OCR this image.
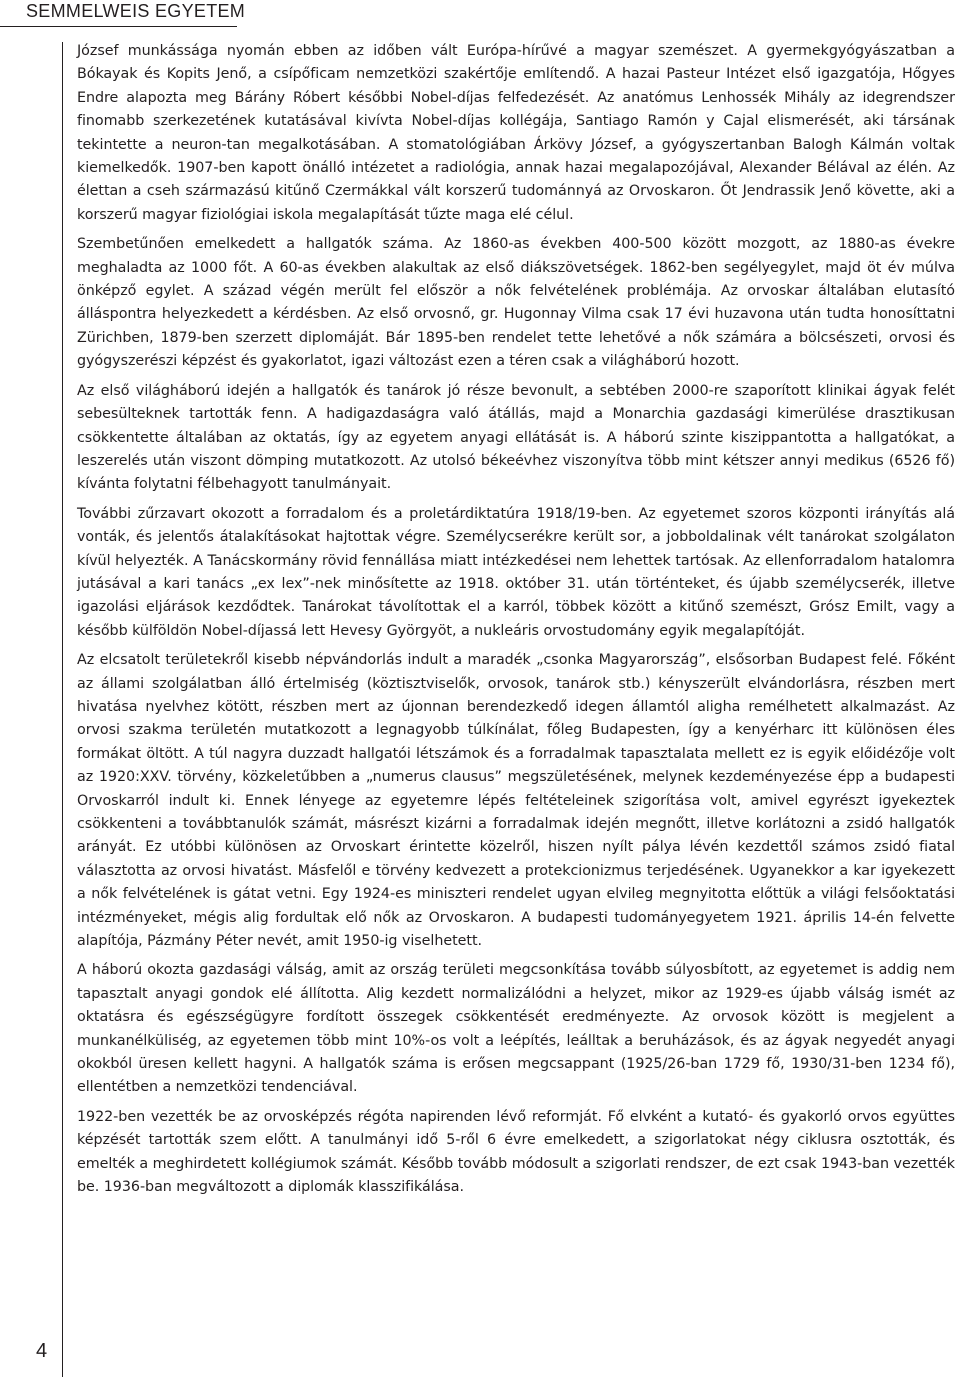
SEMMELWEIS EGYETEM
4

József munkássága nyomán ebben az időben vált Európa-hírűvé a magyar szemészet. A gyermekgyógyászatban a Bókayak és Kopits Jenő, a csípőficam nemzetközi szakértője említendő. A hazai Pasteur Intézet első igazgatója, Hőgyes Endre alapozta meg Bárány Róbert későbbi Nobel-díjas felfedezését. Az anatómus Lenhossék Mihály az idegrendszer finomabb szerkezetének kutatásával kivívta Nobel-díjas kollégája, Santiago Ramón y Cajal elismerését, aki társának tekintette a neuron-tan megalkotásában. A stomatológiában Árkövy József, a gyógyszertanban Balogh Kálmán voltak kiemelkedők. 1907-ben kapott önálló intézetet a radiológia, annak hazai megalapozójával, Alexander Bélával az élén. Az élettan a cseh származású kitűnő Czermákkal vált korszerű tudománnyá az Orvoskaron. Őt Jendrassik Jenő követte, aki a korszerű magyar fiziológiai iskola megalapítását tűzte maga elé célul.

Szembetűnően emelkedett a hallgatók száma. Az 1860-as években 400-500 között mozgott, az 1880-as évekre meghaladta az 1000 főt. A 60-as években alakultak az első diákszövetségek. 1862-ben segélyegylet, majd öt év múlva önképző egylet. A század végén merült fel először a nők felvételének problémája. Az orvoskar általában elutasító álláspontra helyezkedett a kérdésben. Az első orvosnő, gr. Hugonnay Vilma csak 17 évi huzavona után tudta honosíttatni Zürichben, 1879-ben szerzett diplomáját. Bár 1895-ben rendelet tette lehetővé a nők számára a bölcsészeti, orvosi és gyógyszerészi képzést és gyakorlatot, igazi változást ezen a téren csak a világháború hozott.

Az első világháború idején a hallgatók és tanárok jó része bevonult, a sebtében 2000-re szaporított klinikai ágyak felét sebesülteknek tartották fenn. A hadigazdaságra való átállás, majd a Monarchia gazdasági kimerülése drasztikusan csökkentette általában az oktatás, így az egyetem anyagi ellátását is. A háború szinte kiszippantotta a hallgatókat, a leszerelés után viszont dömping mutatkozott. Az utolsó békeévhez viszonyítva több mint kétszer annyi medikus (6526 fő) kívánta folytatni félbehagyott tanulmányait.

További zűrzavart okozott a forradalom és a proletárdiktatúra 1918/19-ben. Az egyetemet szoros központi irányítás alá vonták, és jelentős átalakításokat hajtottak végre. Személycserékre került sor, a jobboldalinak vélt tanárokat szolgálaton kívül helyezték. A Tanácskormány rövid fennállása miatt intézkedései nem lehettek tartósak. Az ellenforradalom hatalomra jutásával a kari tanács „ex lex”-nek minősítette az 1918. október 31. után történteket, és újabb személycserék, illetve igazolási eljárások kezdődtek. Tanárokat távolítottak el a karról, többek között a kitűnő szemészt, Grósz Emilt, vagy a később külföldön Nobel-díjassá lett Hevesy Györgyöt, a nukleáris orvostudomány egyik megalapítóját.

Az elcsatolt területekről kisebb népvándorlás indult a maradék „csonka Magyarország”, elsősorban Budapest felé. Főként az állami szolgálatban álló értelmiség (köztisztviselők, orvosok, tanárok stb.) kényszerült elvándorlásra, részben mert hivatása nyelvhez kötött, részben mert az újonnan berendezkedő idegen államtól aligha remélhetett alkalmazást. Az orvosi szakma területén mutatkozott a legnagyobb túlkínálat, főleg Budapesten, így a kenyérharc itt különösen éles formákat öltött. A túl nagyra duzzadt hallgatói létszámok és a forradalmak tapasztalata mellett ez is egyik előidézője volt az 1920:XXV. törvény, közkeletűbben a „numerus clausus” megszületésének, melynek kezdeményezése épp a budapesti Orvoskarról indult ki. Ennek lényege az egyetemre lépés feltételeinek szigorítása volt, amivel egyrészt igyekeztek csökkenteni a továbbtanulók számát, másrészt kizárni a forradalmak idején megnőtt, illetve korlátozni a zsidó hallgatók arányát. Ez utóbbi különösen az Orvoskart érintette közelről, hiszen nyílt pálya lévén kezdettől számos zsidó fiatal választotta az orvosi hivatást. Másfelől e törvény kedvezett a protekcionizmus terjedésének. Ugyanekkor a kar igyekezett a nők felvételének is gátat vetni. Egy 1924-es miniszteri rendelet ugyan elvileg megnyitotta előttük a világi felsőoktatási intézményeket, mégis alig fordultak elő nők az Orvoskaron. A budapesti tudományegyetem 1921. április 14-én felvette alapítója, Pázmány Péter nevét, amit 1950-ig viselhetett.

A háború okozta gazdasági válság, amit az ország területi megcsonkítása tovább súlyosbított, az egyetemet is addig nem tapasztalt anyagi gondok elé állította. Alig kezdett normalizálódni a helyzet, mikor az 1929-es újabb válság ismét az oktatásra és egészségügyre fordított összegek csökkentését eredményezte. Az orvosok között is megjelent a munkanélküliség, az egyetemen több mint 10%-os volt a leépítés, leálltak a beruházások, és az ágyak negyedét anyagi okokból üresen kellett hagyni. A hallgatók száma is erősen megcsappant (1925/26-ban 1729 fő, 1930/31-ben 1234 fő), ellentétben a nemzetközi tendenciával.

1922-ben vezették be az orvosképzés régóta napirenden lévő reformját. Fő elvként a kutató- és gyakorló orvos együttes képzését tartották szem előtt. A tanulmányi idő 5-ről 6 évre emelkedett, a szigorlatokat négy ciklusra osztották, és emelték a meghirdetett kollégiumok számát. Később tovább módosult a szigorlati rendszer, de ezt csak 1943-ban vezették be. 1936-ban megváltozott a diplomák klasszifikálása.
